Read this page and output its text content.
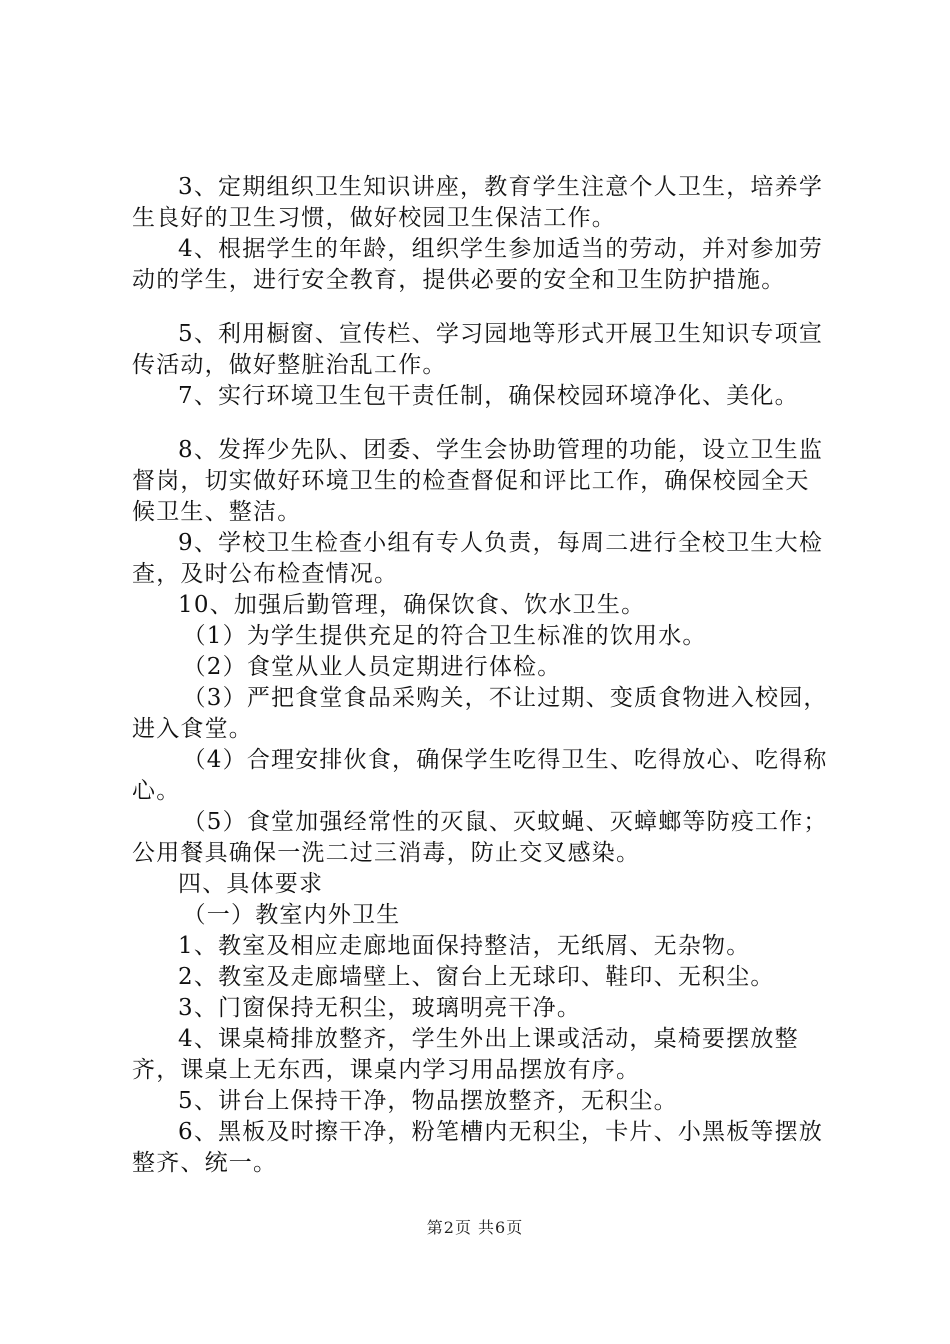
3、定期组织卫生知识讲座，教育学生注意个人卫生，培养学生良好的卫生习惯，做好校园卫生保洁工作。

4、根据学生的年龄，组织学生参加适当的劳动，并对参加劳动的学生，进行安全教育，提供必要的安全和卫生防护措施。

5、利用橱窗、宣传栏、学习园地等形式开展卫生知识专项宣传活动，做好整脏治乱工作。

7、实行环境卫生包干责任制，确保校园环境净化、美化。

8、发挥少先队、团委、学生会协助管理的功能，设立卫生监督岗，切实做好环境卫生的检查督促和评比工作，确保校园全天候卫生、整洁。

9、学校卫生检查小组有专人负责，每周二进行全校卫生大检查，及时公布检查情况。

10、加强后勤管理，确保饮食、饮水卫生。

（1）为学生提供充足的符合卫生标准的饮用水。

（2）食堂从业人员定期进行体检。

（3）严把食堂食品采购关，不让过期、变质食物进入校园，进入食堂。

（4）合理安排伙食，确保学生吃得卫生、吃得放心、吃得称心。

（5）食堂加强经常性的灭鼠、灭蚊蝇、灭蟑螂等防疫工作；公用餐具确保一洗二过三消毒，防止交叉感染。

四、具体要求

（一）教室内外卫生

1、教室及相应走廊地面保持整洁，无纸屑、无杂物。

2、教室及走廊墙壁上、窗台上无球印、鞋印、无积尘。

3、门窗保持无积尘，玻璃明亮干净。

4、课桌椅排放整齐，学生外出上课或活动，桌椅要摆放整齐，课桌上无东西，课桌内学习用品摆放有序。

5、讲台上保持干净，物品摆放整齐，无积尘。

6、黑板及时擦干净，粉笔槽内无积尘，卡片、小黑板等摆放整齐、统一。

第2页 共6页
